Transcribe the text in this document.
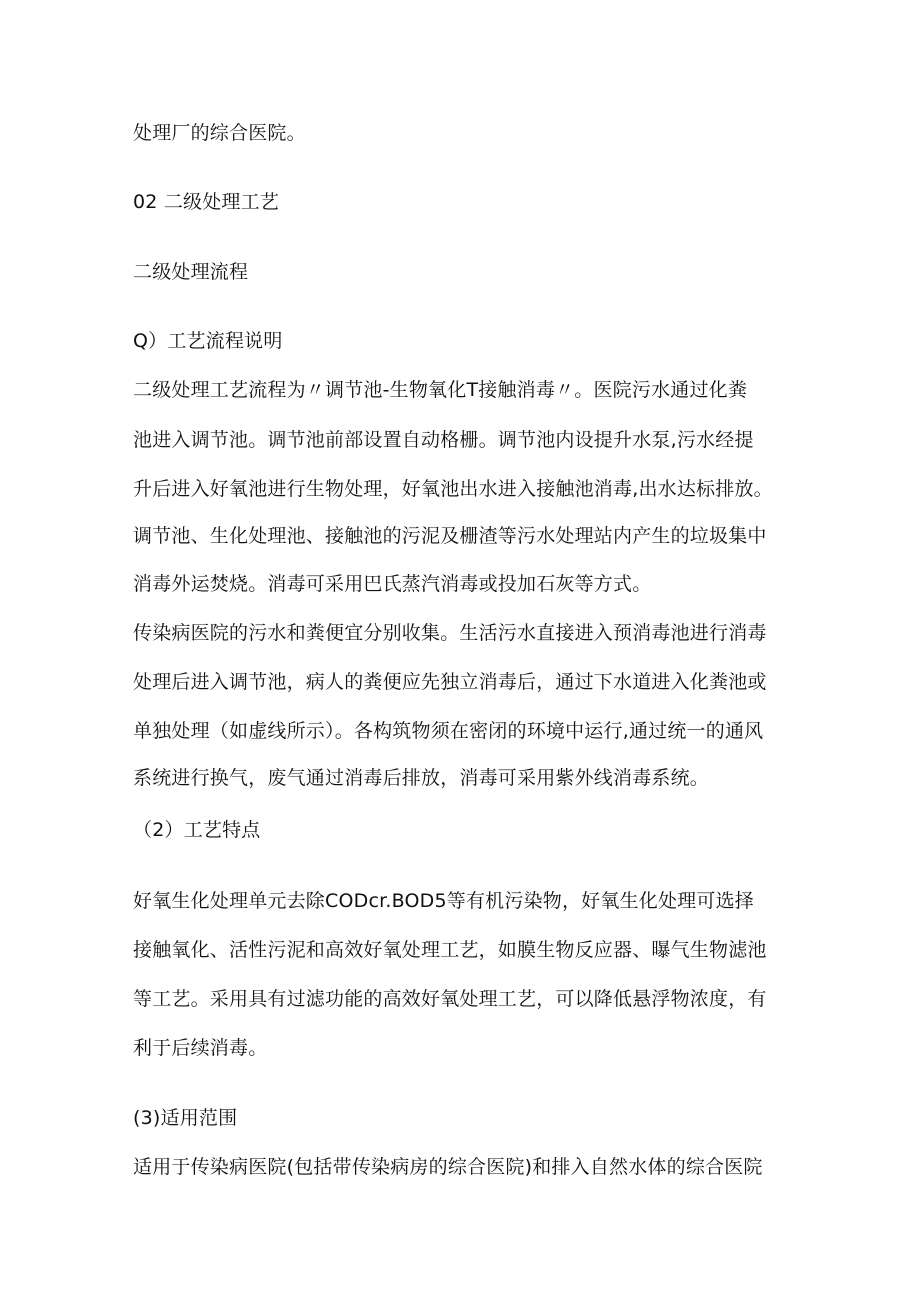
处理厂的综合医院。
02 二级处理工艺
二级处理流程
Q）工艺流程说明
二级处理工艺流程为〃调节池-生物氧化T接触消毒〃。医院污水通过化粪
池进入调节池。调节池前部设置自动格栅。调节池内设提升水泵,污水经提
升后进入好氧池进行生物处理，好氧池出水进入接触池消毒,出水达标排放。
调节池、生化处理池、接触池的污泥及栅渣等污水处理站内产生的垃圾集中
消毒外运焚烧。消毒可采用巴氏蒸汽消毒或投加石灰等方式。
传染病医院的污水和粪便宜分别收集。生活污水直接进入预消毒池进行消毒
处理后进入调节池，病人的粪便应先独立消毒后，通过下水道进入化粪池或
单独处理（如虚线所示）。各构筑物须在密闭的环境中运行,通过统一的通风
系统进行换气，废气通过消毒后排放，消毒可采用紫外线消毒系统。
（2）工艺特点
好氧生化处理单元去除CODcr.BOD5等有机污染物，好氧生化处理可选择
接触氧化、活性污泥和高效好氧处理工艺，如膜生物反应器、曝气生物滤池
等工艺。采用具有过滤功能的高效好氧处理工艺，可以降低悬浮物浓度，有
利于后续消毒。
(3)适用范围
适用于传染病医院(包括带传染病房的综合医院)和排入自然水体的综合医院
